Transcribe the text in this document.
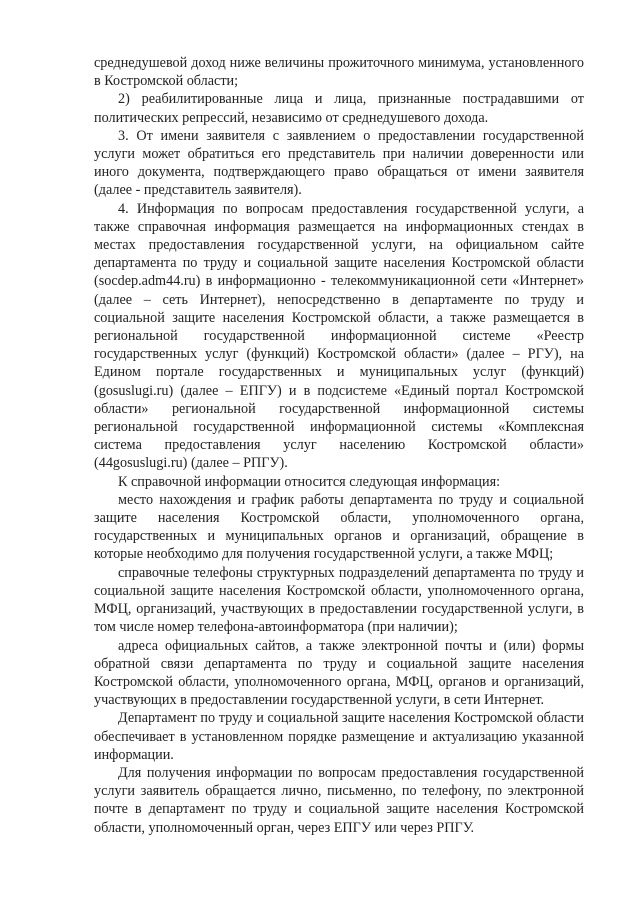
среднедушевой доход ниже величины прожиточного минимума, установленного в Костромской области;

2) реабилитированные лица и лица, признанные пострадавшими от политических репрессий, независимо от среднедушевого дохода.

3. От имени заявителя с заявлением о предоставлении государственной услуги может обратиться его представитель при наличии доверенности или иного документа, подтверждающего право обращаться от имени заявителя (далее - представитель заявителя).

4. Информация по вопросам предоставления государственной услуги, а также справочная информация размещается на информационных стендах в местах предоставления государственной услуги, на официальном сайте департамента по труду и социальной защите населения Костромской области (socdep.adm44.ru) в информационно - телекоммуникационной сети «Интернет» (далее – сеть Интернет), непосредственно в департаменте по труду и социальной защите населения Костромской области, а также размещается в региональной государственной информационной системе «Реестр государственных услуг (функций) Костромской области» (далее – РГУ), на Едином портале государственных и муниципальных услуг (функций) (gosuslugi.ru) (далее – ЕПГУ) и в подсистеме «Единый портал Костромской области» региональной государственной информационной системы региональной государственной информационной системы «Комплексная система предоставления услуг населению Костромской области» (44gosuslugi.ru) (далее – РПГУ).

К справочной информации относится следующая информация:

место нахождения и график работы департамента по труду и социальной защите населения Костромской области, уполномоченного органа, государственных и муниципальных органов и организаций, обращение в которые необходимо для получения государственной услуги, а также МФЦ;

справочные телефоны структурных подразделений департамента по труду и социальной защите населения Костромской области, уполномоченного органа, МФЦ, организаций, участвующих в предоставлении государственной услуги, в том числе номер телефона-автоинформатора (при наличии);

адреса официальных сайтов, а также электронной почты и (или) формы обратной связи департамента по труду и социальной защите населения Костромской области, уполномоченного органа, МФЦ, органов и организаций, участвующих в предоставлении государственной услуги, в сети Интернет.

Департамент по труду и социальной защите населения Костромской области обеспечивает в установленном порядке размещение и актуализацию указанной информации.

Для получения информации по вопросам предоставления государственной услуги заявитель обращается лично, письменно, по телефону, по электронной почте в департамент по труду и социальной защите населения Костромской области, уполномоченный орган, через ЕПГУ или через РПГУ.
